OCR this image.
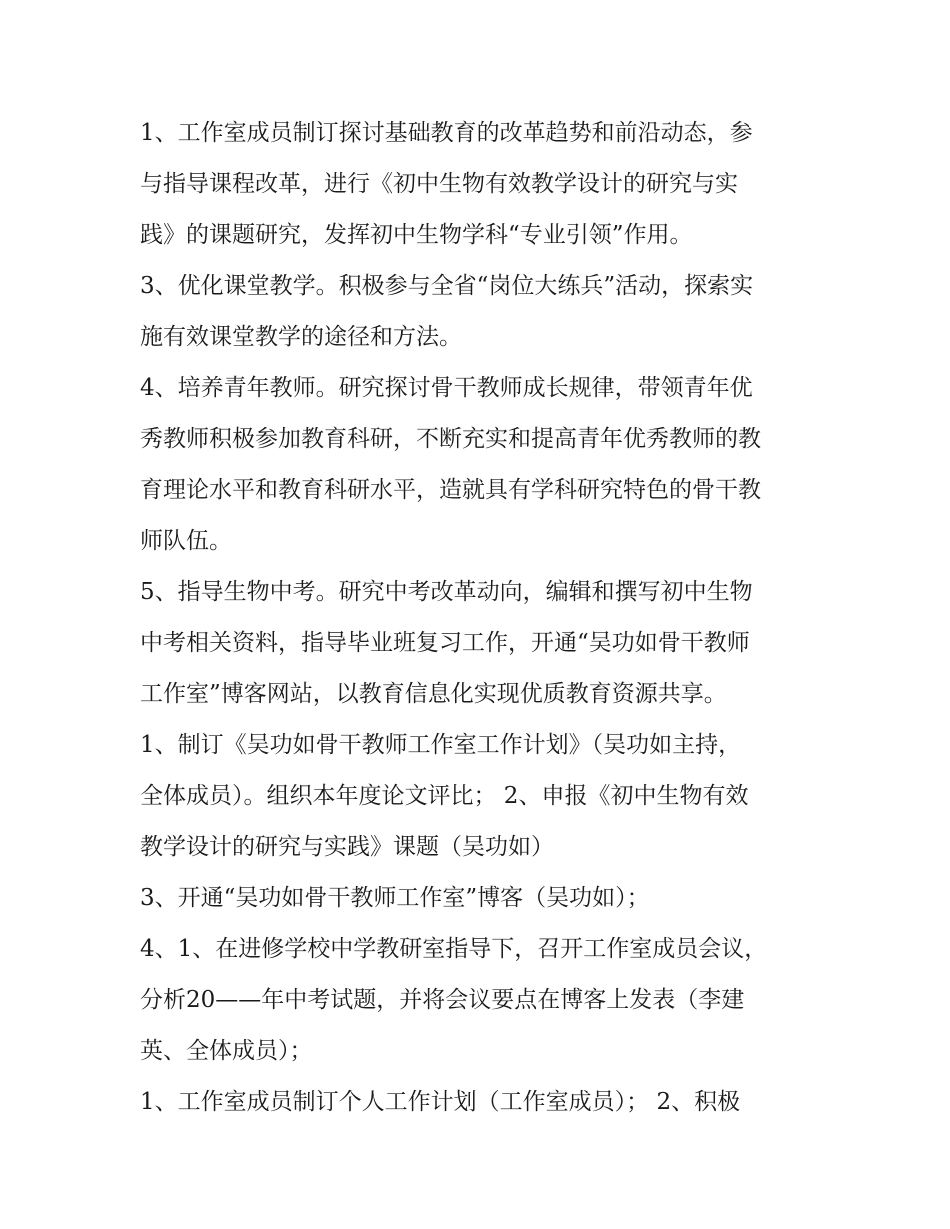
1、工作室成员制订探讨基础教育的改革趋势和前沿动态，参
与指导课程改革，进行《初中生物有效教学设计的研究与实
践》的课题研究，发挥初中生物学科“专业引领”作用。
3、优化课堂教学。积极参与全省“岗位大练兵”活动，探索实
施有效课堂教学的途径和方法。
4、培养青年教师。研究探讨骨干教师成长规律，带领青年优
秀教师积极参加教育科研，不断充实和提高青年优秀教师的教
育理论水平和教育科研水平，造就具有学科研究特色的骨干教
师队伍。
5、指导生物中考。研究中考改革动向，编辑和撰写初中生物
中考相关资料，指导毕业班复习工作，开通“吴功如骨干教师
工作室”博客网站，以教育信息化实现优质教育资源共享。
1、制订《吴功如骨干教师工作室工作计划》（吴功如主持，
全体成员）。组织本年度论文评比； 2、申报《初中生物有效
教学设计的研究与实践》课题（吴功如）
3、开通“吴功如骨干教师工作室”博客（吴功如）；
4、1、在进修学校中学教研室指导下，召开工作室成员会议，
分析20——年中考试题，并将会议要点在博客上发表（李建
英、全体成员）；
1、工作室成员制订个人工作计划（工作室成员）； 2、积极
